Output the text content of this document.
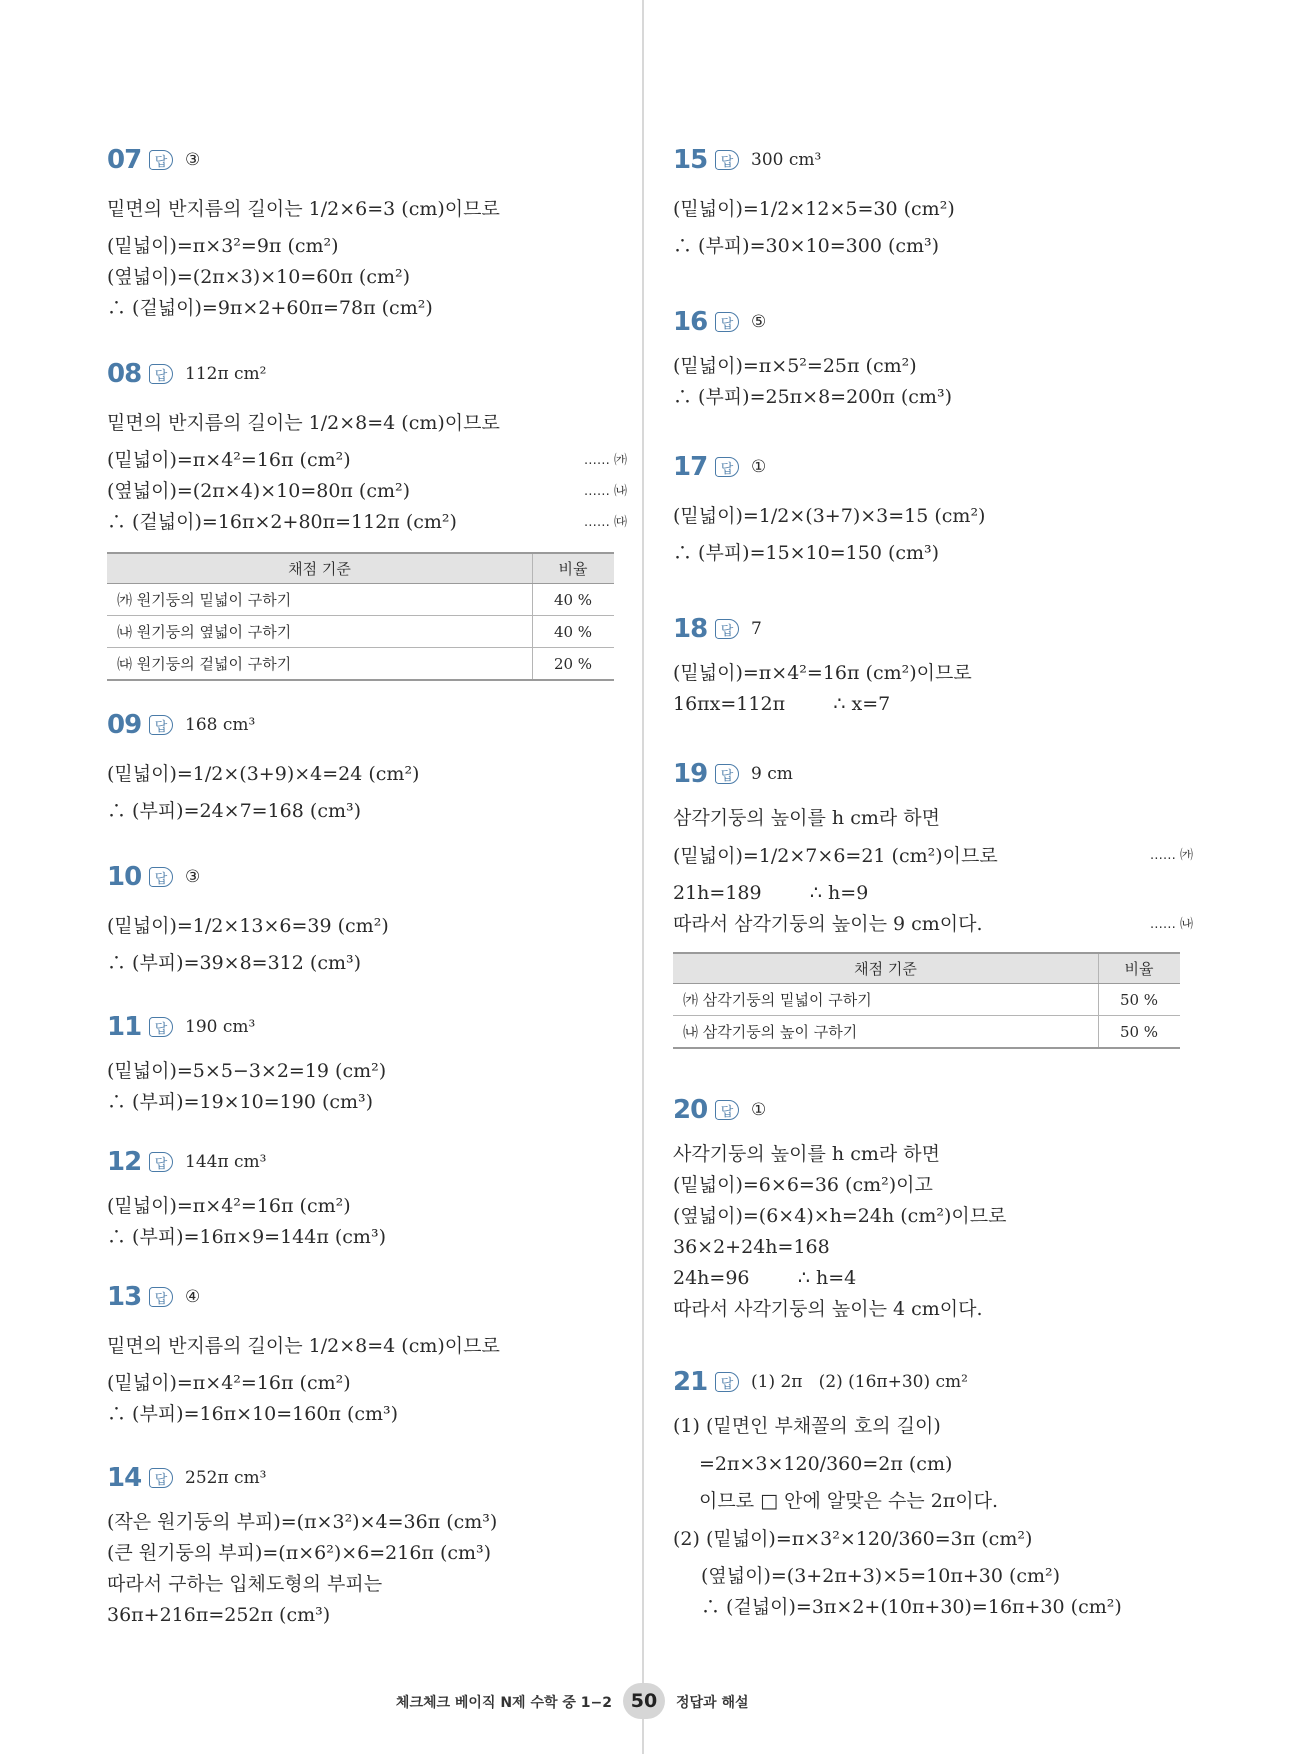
07	답	③
밑면의 반지름의 길이는 1/2×6=3 (cm)이므로
(밑넓이)=π×3²=9π (cm²)
(옆넓이)=(2π×3)×10=60π (cm²)
∴ (겉넓이)=9π×2+60π=78π (cm²)
08	답	112π cm²
밑면의 반지름의 길이는 1/2×8=4 (cm)이므로
(밑넓이)=π×4²=16π (cm²)	…… ㈎
(옆넓이)=(2π×4)×10=80π (cm²)	…… ㈏
∴ (겉넓이)=16π×2+80π=112π (cm²)	…… ㈐
채점 기준	비율
㈎ 원기둥의 밑넓이 구하기	40 %
㈏ 원기둥의 옆넓이 구하기	40 %
㈐ 원기둥의 겉넓이 구하기	20 %
09	답	168 cm³
(밑넓이)=1/2×(3+9)×4=24 (cm²)
∴ (부피)=24×7=168 (cm³)
10	답	③
(밑넓이)=1/2×13×6=39 (cm²)
∴ (부피)=39×8=312 (cm³)
11	답	190 cm³
(밑넓이)=5×5−3×2=19 (cm²)
∴ (부피)=19×10=190 (cm³)
12	답	144π cm³
(밑넓이)=π×4²=16π (cm²)
∴ (부피)=16π×9=144π (cm³)
13	답	④
밑면의 반지름의 길이는 1/2×8=4 (cm)이므로
(밑넓이)=π×4²=16π (cm²)
∴ (부피)=16π×10=160π (cm³)
14	답	252π cm³
(작은 원기둥의 부피)=(π×3²)×4=36π (cm³)
(큰 원기둥의 부피)=(π×6²)×6=216π (cm³)
따라서 구하는 입체도형의 부피는
36π+216π=252π (cm³)
15	답	300 cm³
(밑넓이)=1/2×12×5=30 (cm²)
∴ (부피)=30×10=300 (cm³)
16	답	⑤
(밑넓이)=π×5²=25π (cm²)
∴ (부피)=25π×8=200π (cm³)
17	답	①
(밑넓이)=1/2×(3+7)×3=15 (cm²)
∴ (부피)=15×10=150 (cm³)
18	답	7
(밑넓이)=π×4²=16π (cm²)이므로
16πx=112π        ∴ x=7
19	답	9 cm
삼각기둥의 높이를 h cm라 하면
(밑넓이)=1/2×7×6=21 (cm²)이므로	…… ㈎
21h=189        ∴ h=9
따라서 삼각기둥의 높이는 9 cm이다.	…… ㈏
채점 기준	비율
㈎ 삼각기둥의 밑넓이 구하기	50 %
㈏ 삼각기둥의 높이 구하기	50 %
20	답	①
사각기둥의 높이를 h cm라 하면
(밑넓이)=6×6=36 (cm²)이고
(옆넓이)=(6×4)×h=24h (cm²)이므로
36×2+24h=168
24h=96        ∴ h=4
따라서 사각기둥의 높이는 4 cm이다.
21	답	(1) 2π   (2) (16π+30) cm²
(1) (밑면인 부채꼴의 호의 길이)
=2π×3×120/360=2π (cm)
이므로 □ 안에 알맞은 수는 2π이다.
(2) (밑넓이)=π×3²×120/360=3π (cm²)
(옆넓이)=(3+2π+3)×5=10π+30 (cm²)
∴ (겉넓이)=3π×2+(10π+30)=16π+30 (cm²)
체크체크 베이직 N제 수학 중 1−2 50	정답과 해설
